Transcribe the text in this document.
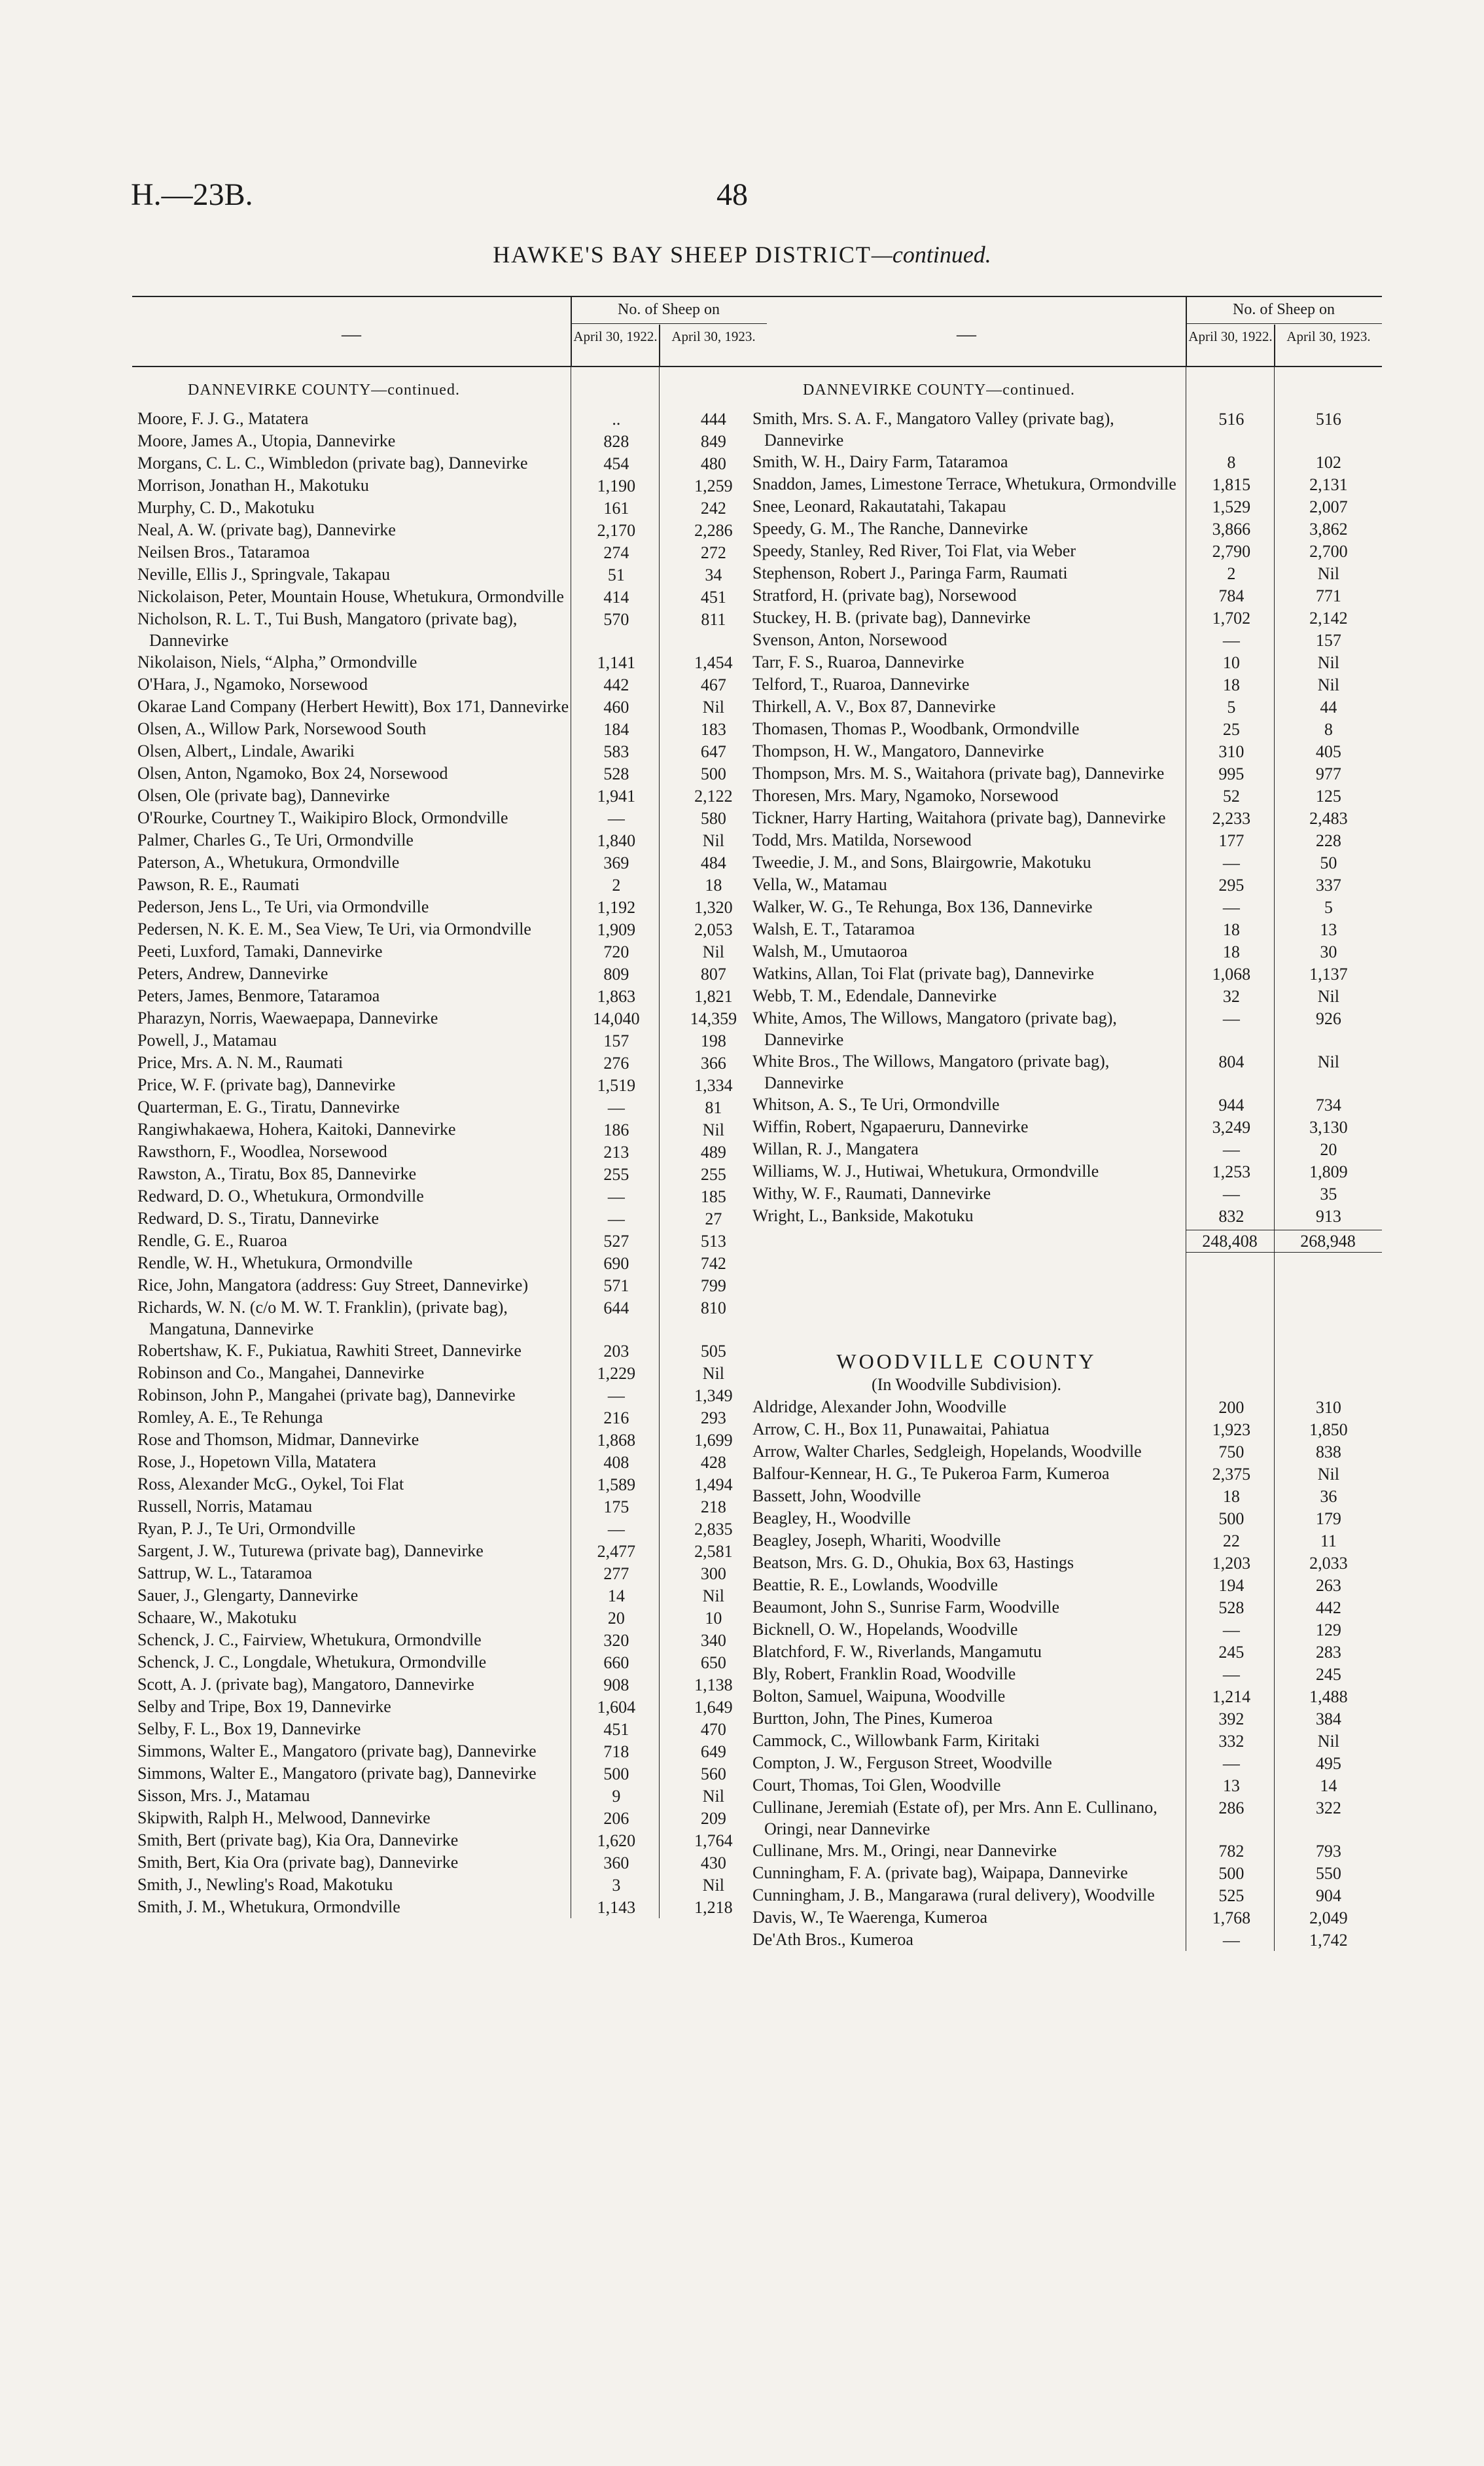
H.—23B.	48
HAWKE'S BAY SHEEP DISTRICT—continued.
—
No. of Sheep on
April 30, 1922.	April 30, 1923.
DANNEVIRKE COUNTY—continued.
Moore, F. J. G., Matatera	..	444
Moore, James A., Utopia, Dannevirke	828	849
Morgans, C. L. C., Wimbledon (private bag), Dannevirke	454	480
Morrison, Jonathan H., Makotuku	1,190	1,259
Murphy, C. D., Makotuku	161	242
Neal, A. W. (private bag), Dannevirke	2,170	2,286
Neilsen Bros., Tataramoa	274	272
Neville, Ellis J., Springvale, Takapau	51	34
Nickolaison, Peter, Mountain House, Whetukura, Ormondville	414	451
Nicholson, R. L. T., Tui Bush, Mangatoro (private bag), Dannevirke
570	811
Nikolaison, Niels, “Alpha,” Ormondville	1,141	1,454
O'Hara, J., Ngamoko, Norsewood	442	467
Okarae Land Company (Herbert Hewitt), Box 171, Dannevirke	460	Nil
Olsen, A., Willow Park, Norsewood South	184	183
Olsen, Albert,, Lindale, Awariki	583	647
Olsen, Anton, Ngamoko, Box 24, Norsewood	528	500
Olsen, Ole (private bag), Dannevirke	1,941	2,122
O'Rourke, Courtney T., Waikipiro Block, Ormondville	—	580
Palmer, Charles G., Te Uri, Ormondville	1,840	Nil
Paterson, A., Whetukura, Ormondville	369	484
Pawson, R. E., Raumati	2	18
Pederson, Jens L., Te Uri, via Ormondville	1,192	1,320
Pedersen, N. K. E. M., Sea View, Te Uri, via Ormondville	1,909	2,053
Peeti, Luxford, Tamaki, Dannevirke	720	Nil
Peters, Andrew, Dannevirke	809	807
Peters, James, Benmore, Tataramoa	1,863	1,821
Pharazyn, Norris, Waewaepapa, Dannevirke	14,040	14,359
Powell, J., Matamau	157	198
Price, Mrs. A. N. M., Raumati	276	366
Price, W. F. (private bag), Dannevirke	1,519	1,334
Quarterman, E. G., Tiratu, Dannevirke	—	81
Rangiwhakaewa, Hohera, Kaitoki, Dannevirke	186	Nil
Rawsthorn, F., Woodlea, Norsewood	213	489
Rawston, A., Tiratu, Box 85, Dannevirke	255	255
Redward, D. O., Whetukura, Ormondville	—	185
Redward, D. S., Tiratu, Dannevirke	—	27
Rendle, G. E., Ruaroa	527	513
Rendle, W. H., Whetukura, Ormondville	690	742
Rice, John, Mangatora (address: Guy Street, Dannevirke)	571	799
Richards, W. N. (c/o M. W. T. Franklin), (private bag), Mangatuna, Dannevirke
644	810
Robertshaw, K. F., Pukiatua, Rawhiti Street, Dannevirke	203	505
Robinson and Co., Mangahei, Dannevirke	1,229	Nil
Robinson, John P., Mangahei (private bag), Dannevirke	—	1,349
Romley, A. E., Te Rehunga	216	293
Rose and Thomson, Midmar, Dannevirke	1,868	1,699
Rose, J., Hopetown Villa, Matatera	408	428
Ross, Alexander McG., Oykel, Toi Flat	1,589	1,494
Russell, Norris, Matamau	175	218
Ryan, P. J., Te Uri, Ormondville	—	2,835
Sargent, J. W., Tuturewa (private bag), Dannevirke	2,477	2,581
Sattrup, W. L., Tataramoa	277	300
Sauer, J., Glengarty, Dannevirke	14	Nil
Schaare, W., Makotuku	20	10
Schenck, J. C., Fairview, Whetukura, Ormondville	320	340
Schenck, J. C., Longdale, Whetukura, Ormondville	660	650
Scott, A. J. (private bag), Mangatoro, Dannevirke	908	1,138
Selby and Tripe, Box 19, Dannevirke	1,604	1,649
Selby, F. L., Box 19, Dannevirke	451	470
Simmons, Walter E., Mangatoro (private bag), Dannevirke	718	649
Simmons, Walter E., Mangatoro (private bag), Dannevirke	500	560
Sisson, Mrs. J., Matamau	9	Nil
Skipwith, Ralph H., Melwood, Dannevirke	206	209
Smith, Bert (private bag), Kia Ora, Dannevirke	1,620	1,764
Smith, Bert, Kia Ora (private bag), Dannevirke	360	430
Smith, J., Newling's Road, Makotuku	3	Nil
Smith, J. M., Whetukura, Ormondville	1,143	1,218
—
No. of Sheep on
April 30, 1922.	April 30, 1923.
DANNEVIRKE COUNTY—continued.
Smith, Mrs. S. A. F., Mangatoro Valley (private bag), Dannevirke
516	516
Smith, W. H., Dairy Farm, Tataramoa	8	102
Snaddon, James, Limestone Terrace, Whetukura, Ormondville	1,815	2,131
Snee, Leonard, Rakautatahi, Takapau	1,529	2,007
Speedy, G. M., The Ranche, Dannevirke	3,866	3,862
Speedy, Stanley, Red River, Toi Flat, via Weber	2,790	2,700
Stephenson, Robert J., Paringa Farm, Raumati	2	Nil
Stratford, H. (private bag), Norsewood	784	771
Stuckey, H. B. (private bag), Dannevirke	1,702	2,142
Svenson, Anton, Norsewood	—	157
Tarr, F. S., Ruaroa, Dannevirke	10	Nil
Telford, T., Ruaroa, Dannevirke	18	Nil
Thirkell, A. V., Box 87, Dannevirke	5	44
Thomasen, Thomas P., Woodbank, Ormondville	25	8
Thompson, H. W., Mangatoro, Dannevirke	310	405
Thompson, Mrs. M. S., Waitahora (private bag), Dannevirke	995	977
Thoresen, Mrs. Mary, Ngamoko, Norsewood	52	125
Tickner, Harry Harting, Waitahora (private bag), Dannevirke	2,233	2,483
Todd, Mrs. Matilda, Norsewood	177	228
Tweedie, J. M., and Sons, Blairgowrie, Makotuku	—	50
Vella, W., Matamau	295	337
Walker, W. G., Te Rehunga, Box 136, Dannevirke	—	5
Walsh, E. T., Tataramoa	18	13
Walsh, M., Umutaoroa	18	30
Watkins, Allan, Toi Flat (private bag), Dannevirke	1,068	1,137
Webb, T. M., Edendale, Dannevirke	32	Nil
White, Amos, The Willows, Mangatoro (private bag), Dannevirke
—	926
White Bros., The Willows, Mangatoro (private bag), Dannevirke
804	Nil
Whitson, A. S., Te Uri, Ormondville	944	734
Wiffin, Robert, Ngapaeruru, Dannevirke	3,249	3,130
Willan, R. J., Mangatera	—	20
Williams, W. J., Hutiwai, Whetukura, Ormondville	1,253	1,809
Withy, W. F., Raumati, Dannevirke	—	35
Wright, L., Bankside, Makotuku	832	913
248,408	268,948
WOODVILLE COUNTY
(In Woodville Subdivision).
Aldridge, Alexander John, Woodville	200	310
Arrow, C. H., Box 11, Punawaitai, Pahiatua	1,923	1,850
Arrow, Walter Charles, Sedgleigh, Hopelands, Woodville	750	838
Balfour-Kennear, H. G., Te Pukeroa Farm, Kumeroa	2,375	Nil
Bassett, John, Woodville	18	36
Beagley, H., Woodville	500	179
Beagley, Joseph, Whariti, Woodville	22	11
Beatson, Mrs. G. D., Ohukia, Box 63, Hastings	1,203	2,033
Beattie, R. E., Lowlands, Woodville	194	263
Beaumont, John S., Sunrise Farm, Woodville	528	442
Bicknell, O. W., Hopelands, Woodville	—	129
Blatchford, F. W., Riverlands, Mangamutu	245	283
Bly, Robert, Franklin Road, Woodville	—	245
Bolton, Samuel, Waipuna, Woodville	1,214	1,488
Burtton, John, The Pines, Kumeroa	392	384
Cammock, C., Willowbank Farm, Kiritaki	332	Nil
Compton, J. W., Ferguson Street, Woodville	—	495
Court, Thomas, Toi Glen, Woodville	13	14
Cullinane, Jeremiah (Estate of), per Mrs. Ann E. Cullinano, Oringi, near Dannevirke
286	322
Cullinane, Mrs. M., Oringi, near Dannevirke	782	793
Cunningham, F. A. (private bag), Waipapa, Dannevirke	500	550
Cunningham, J. B., Mangarawa (rural delivery), Woodville	525	904
Davis, W., Te Waerenga, Kumeroa	1,768	2,049
De'Ath Bros., Kumeroa	—	1,742
